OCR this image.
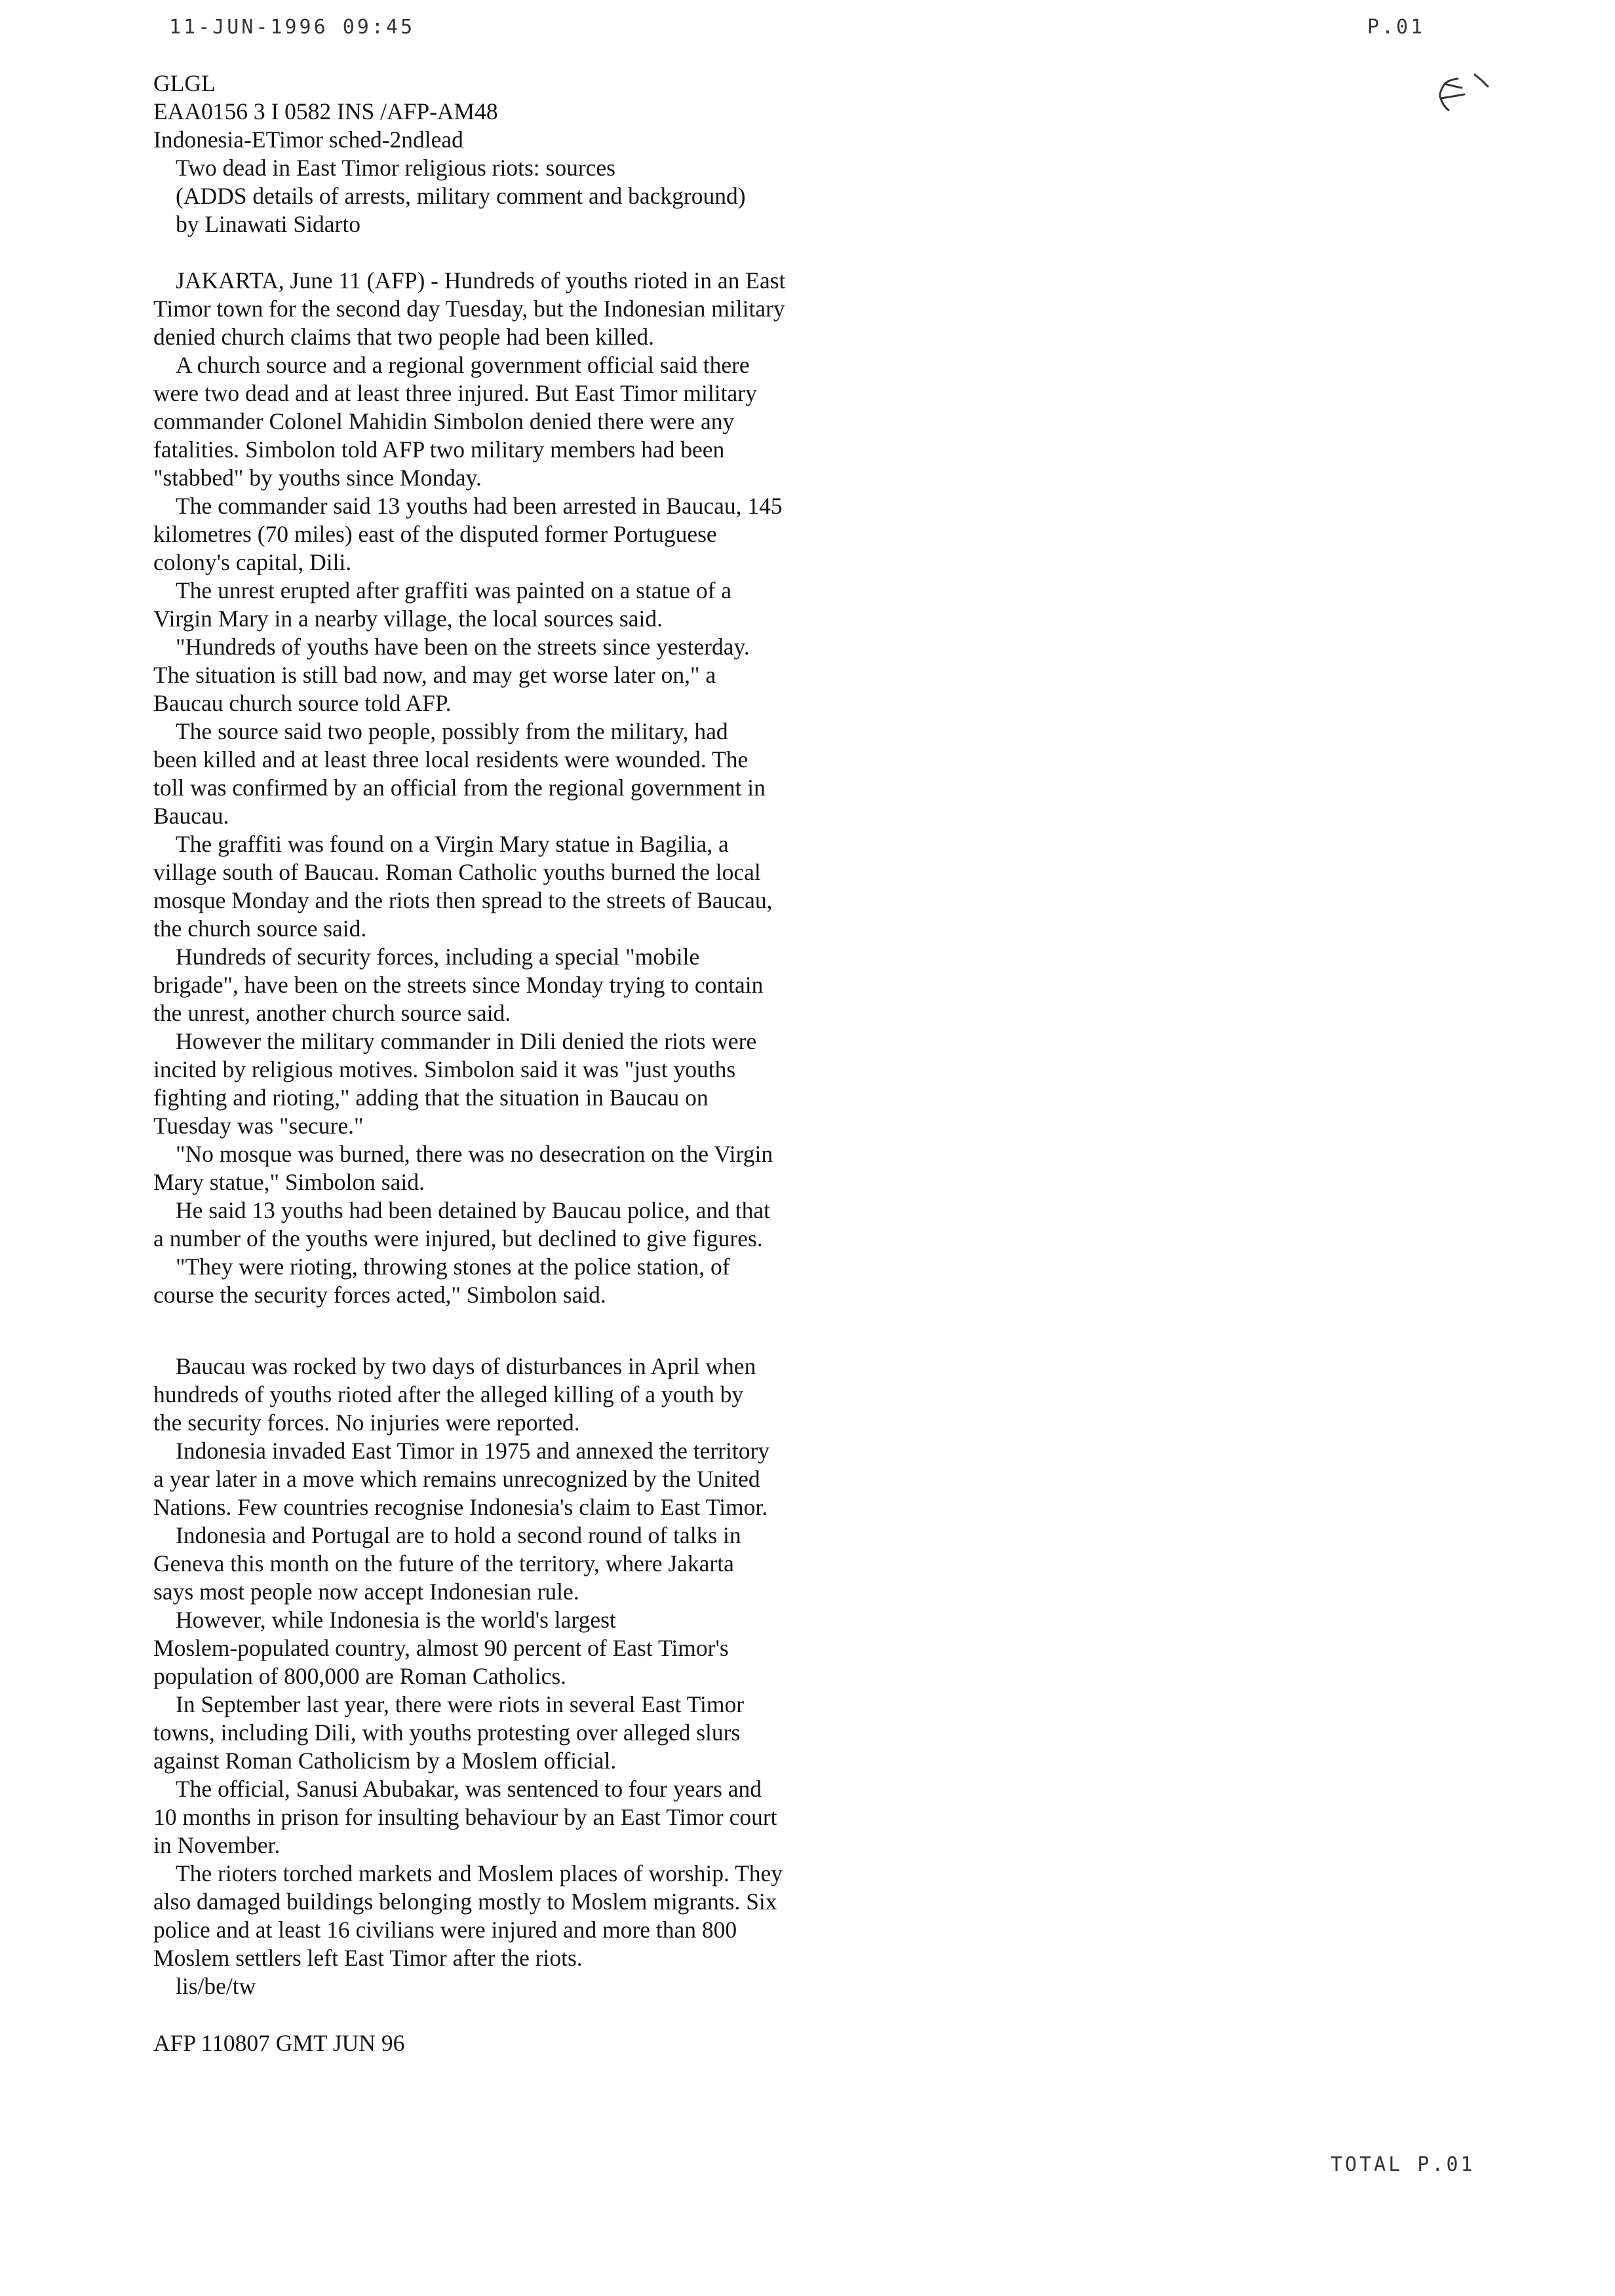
11-JUN-1996 09:45	P.01
GLGL
EAA0156 3 I 0582 INS /AFP-AM48
Indonesia-ETimor sched-2ndlead
Two dead in East Timor religious riots: sources
(ADDS details of arrests, military comment and background)
by Linawati Sidarto
JAKARTA, June 11 (AFP) - Hundreds of youths rioted in an East
Timor town for the second day Tuesday, but the Indonesian military
denied church claims that two people had been killed.
A church source and a regional government official said there
were two dead and at least three injured. But East Timor military
commander Colonel Mahidin Simbolon denied there were any
fatalities. Simbolon told AFP two military members had been
"stabbed" by youths since Monday.
The commander said 13 youths had been arrested in Baucau, 145
kilometres (70 miles) east of the disputed former Portuguese
colony's capital, Dili.
The unrest erupted after graffiti was painted on a statue of a
Virgin Mary in a nearby village, the local sources said.
"Hundreds of youths have been on the streets since yesterday.
The situation is still bad now, and may get worse later on," a
Baucau church source told AFP.
The source said two people, possibly from the military, had
been killed and at least three local residents were wounded. The
toll was confirmed by an official from the regional government in
Baucau.
The graffiti was found on a Virgin Mary statue in Bagilia, a
village south of Baucau. Roman Catholic youths burned the local
mosque Monday and the riots then spread to the streets of Baucau,
the church source said.
Hundreds of security forces, including a special "mobile
brigade", have been on the streets since Monday trying to contain
the unrest, another church source said.
However the military commander in Dili denied the riots were
incited by religious motives. Simbolon said it was "just youths
fighting and rioting," adding that the situation in Baucau on
Tuesday was "secure."
"No mosque was burned, there was no desecration on the Virgin
Mary statue," Simbolon said.
He said 13 youths had been detained by Baucau police, and that
a number of the youths were injured, but declined to give figures.
"They were rioting, throwing stones at the police station, of
course the security forces acted," Simbolon said.
Baucau was rocked by two days of disturbances in April when
hundreds of youths rioted after the alleged killing of a youth by
the security forces. No injuries were reported.
Indonesia invaded East Timor in 1975 and annexed the territory
a year later in a move which remains unrecognized by the United
Nations. Few countries recognise Indonesia's claim to East Timor.
Indonesia and Portugal are to hold a second round of talks in
Geneva this month on the future of the territory, where Jakarta
says most people now accept Indonesian rule.
However, while Indonesia is the world's largest
Moslem-populated country, almost 90 percent of East Timor's
population of 800,000 are Roman Catholics.
In September last year, there were riots in several East Timor
towns, including Dili, with youths protesting over alleged slurs
against Roman Catholicism by a Moslem official.
The official, Sanusi Abubakar, was sentenced to four years and
10 months in prison for insulting behaviour by an East Timor court
in November.
The rioters torched markets and Moslem places of worship. They
also damaged buildings belonging mostly to Moslem migrants. Six
police and at least 16 civilians were injured and more than 800
Moslem settlers left East Timor after the riots.
lis/be/tw
AFP 110807 GMT JUN 96
TOTAL P.01
